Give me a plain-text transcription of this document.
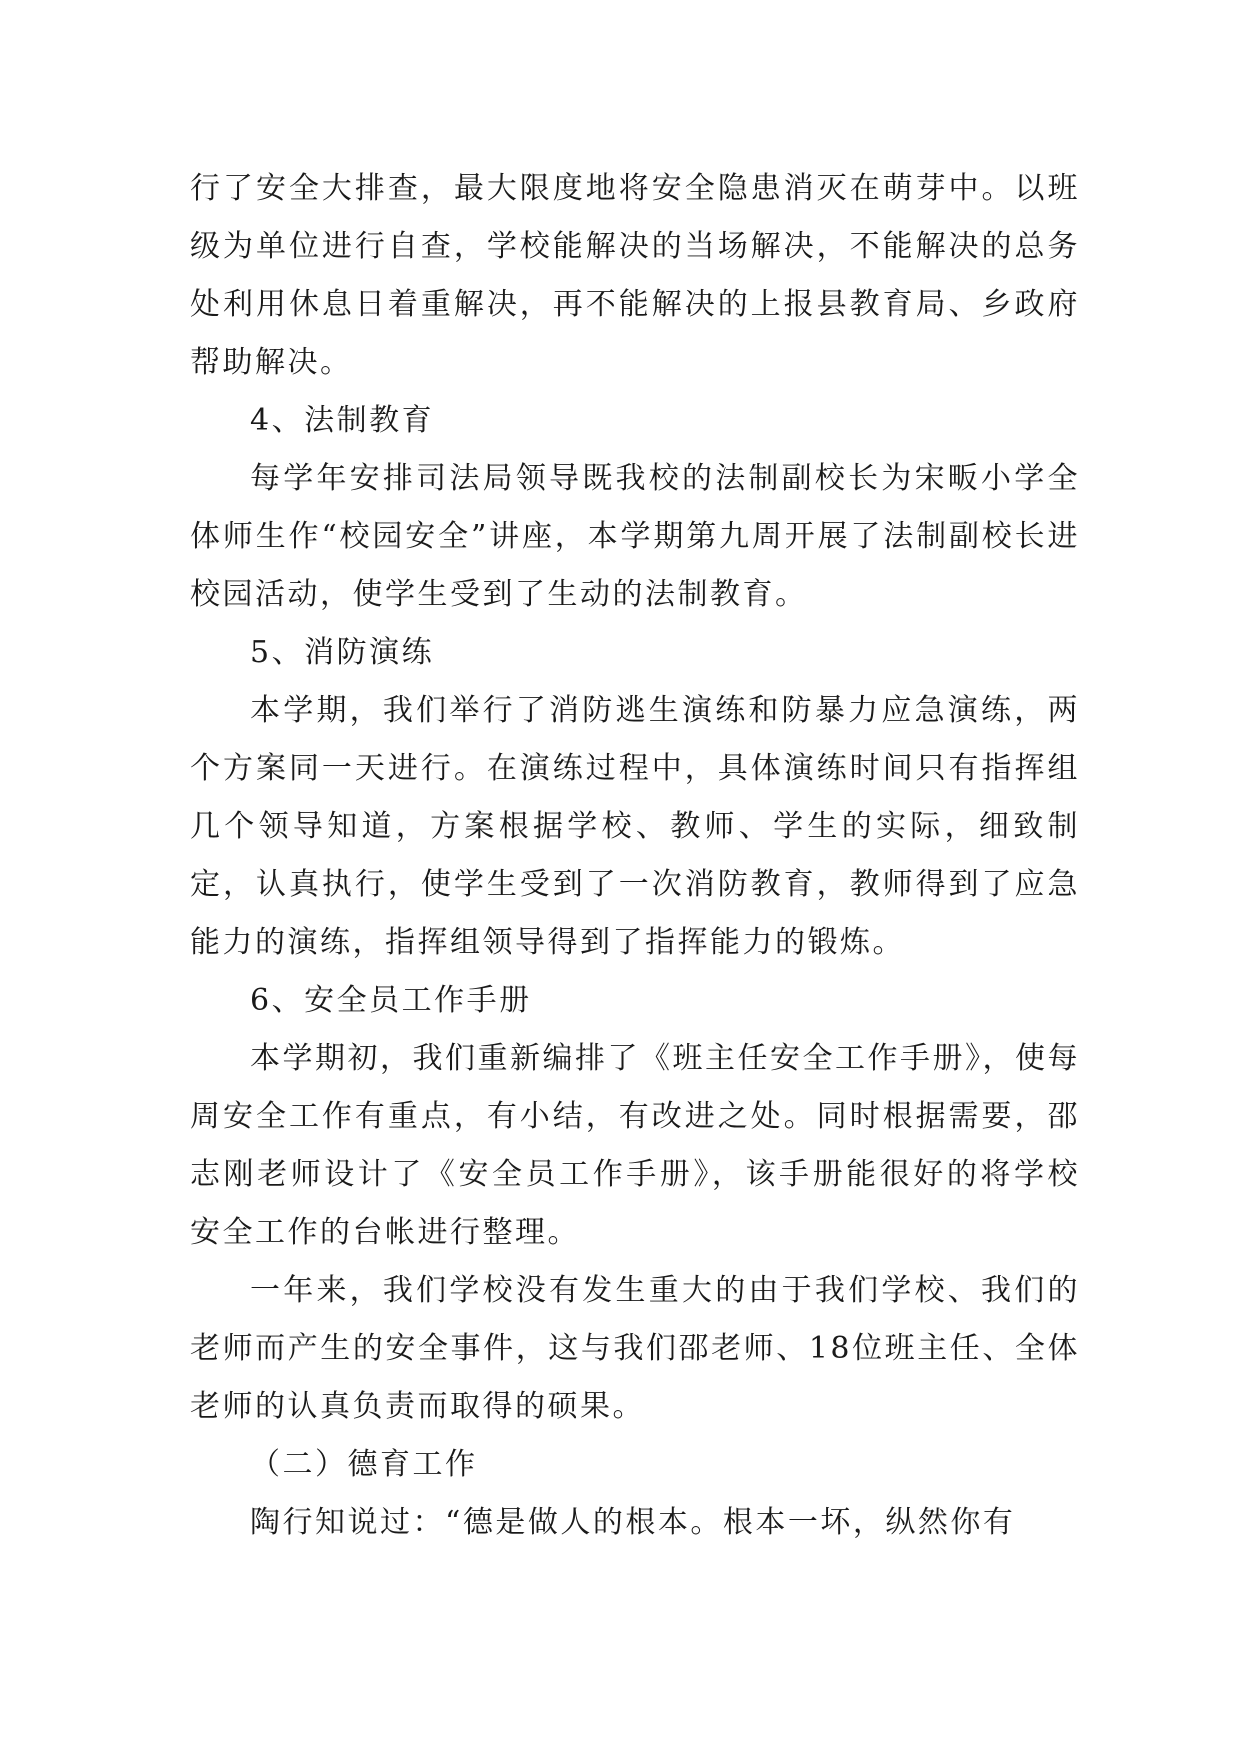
行了安全大排查，最大限度地将安全隐患消灭在萌芽中。以班级为单位进行自查，学校能解决的当场解决，不能解决的总务处利用休息日着重解决，再不能解决的上报县教育局、乡政府帮助解决。

4、法制教育

每学年安排司法局领导既我校的法制副校长为宋畈小学全体师生作“校园安全”讲座，本学期第九周开展了法制副校长进校园活动，使学生受到了生动的法制教育。

5、消防演练

本学期，我们举行了消防逃生演练和防暴力应急演练，两个方案同一天进行。在演练过程中，具体演练时间只有指挥组几个领导知道，方案根据学校、教师、学生的实际，细致制定，认真执行，使学生受到了一次消防教育，教师得到了应急能力的演练，指挥组领导得到了指挥能力的锻炼。

6、安全员工作手册

本学期初，我们重新编排了《班主任安全工作手册》，使每周安全工作有重点，有小结，有改进之处。同时根据需要，邵志刚老师设计了《安全员工作手册》，该手册能很好的将学校安全工作的台帐进行整理。

一年来，我们学校没有发生重大的由于我们学校、我们的老师而产生的安全事件，这与我们邵老师、18位班主任、全体老师的认真负责而取得的硕果。

（二）德育工作

陶行知说过：“德是做人的根本。根本一坏，纵然你有
